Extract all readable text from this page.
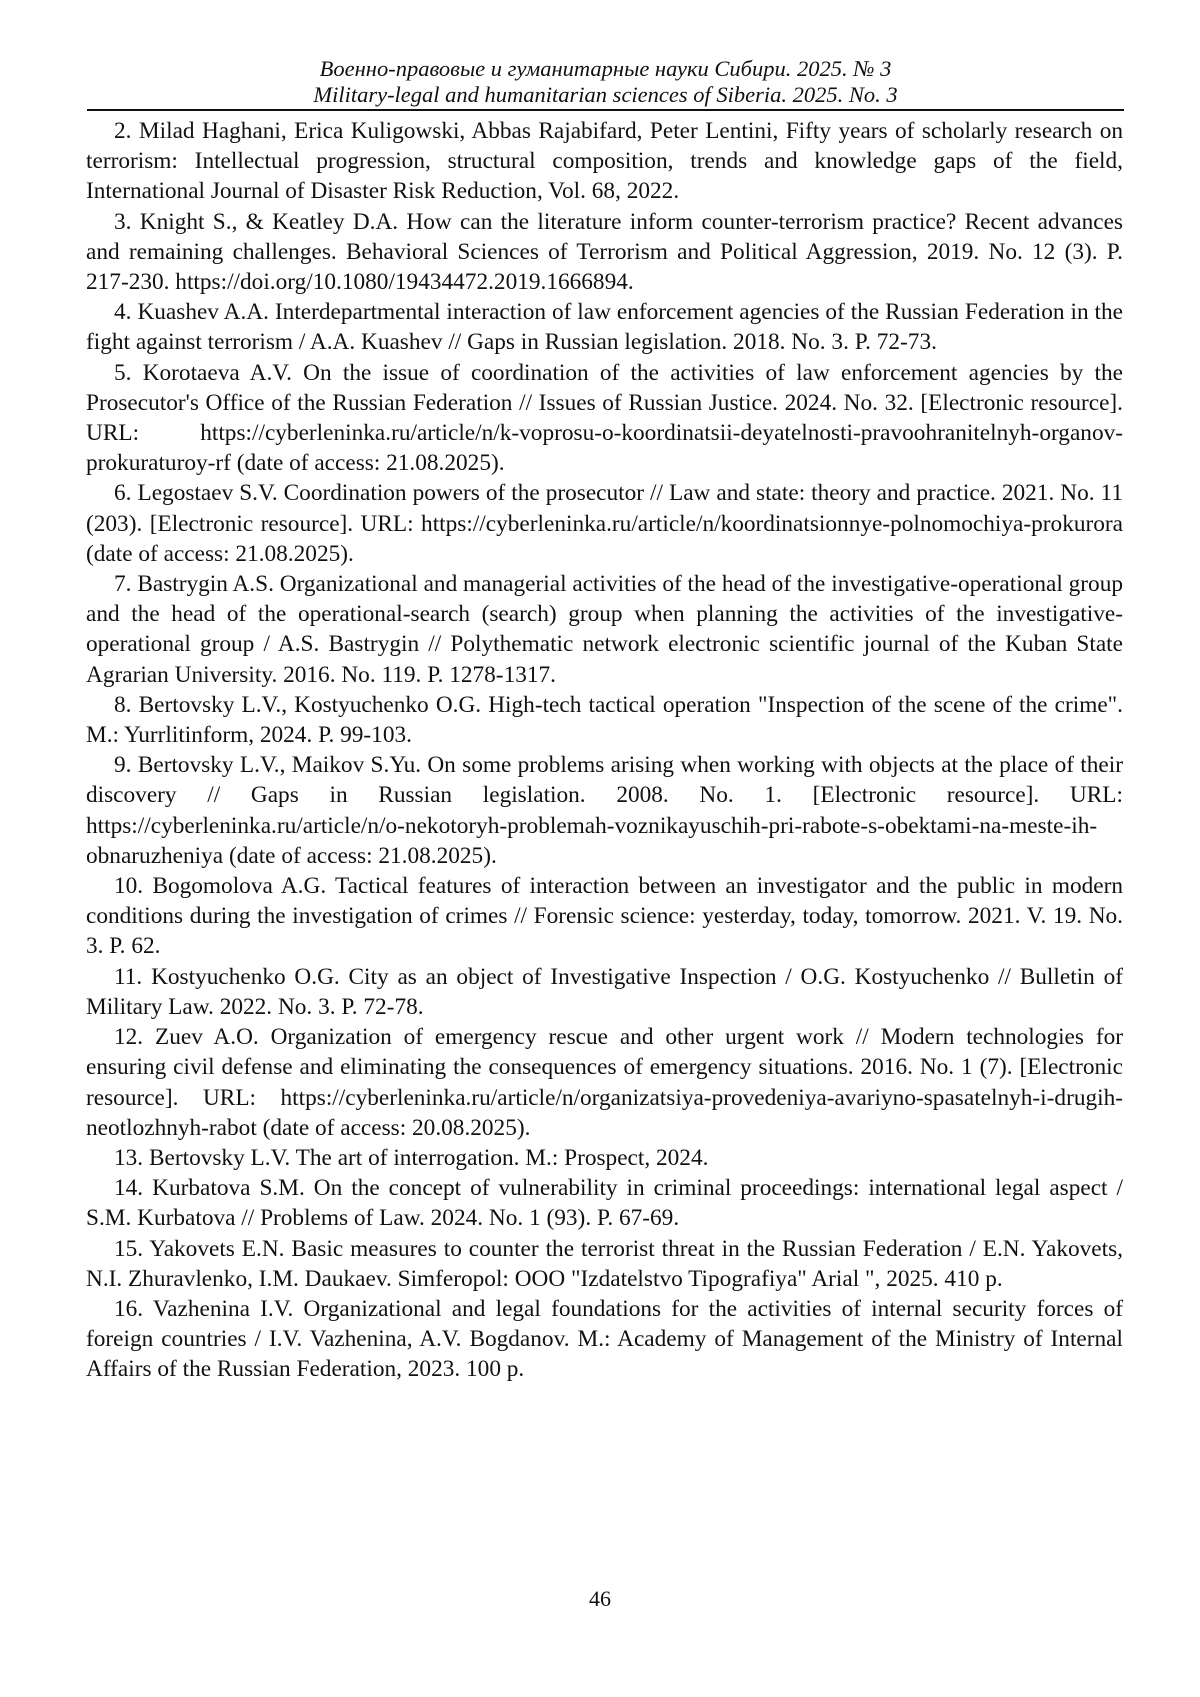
Военно-правовые и гуманитарные науки Сибири. 2025. № 3
Military-legal and humanitarian sciences of Siberia. 2025. No. 3
2. Milad Haghani, Erica Kuligowski, Abbas Rajabifard, Peter Lentini, Fifty years of scholarly research on terrorism: Intellectual progression, structural composition, trends and knowledge gaps of the field, International Journal of Disaster Risk Reduction, Vol. 68, 2022.
3. Knight S., & Keatley D.A. How can the literature inform counter-terrorism practice? Recent advances and remaining challenges. Behavioral Sciences of Terrorism and Political Aggression, 2019. No. 12 (3). P. 217-230. https://doi.org/10.1080/19434472.2019.1666894.
4. Kuashev A.A. Interdepartmental interaction of law enforcement agencies of the Russian Federation in the fight against terrorism / A.A. Kuashev // Gaps in Russian legislation. 2018. No. 3. P. 72-73.
5. Korotaeva A.V. On the issue of coordination of the activities of law enforcement agencies by the Prosecutor's Office of the Russian Federation // Issues of Russian Justice. 2024. No. 32. [Electronic resource]. URL: https://cyberleninka.ru/article/n/k-voprosu-o-koordinatsii-deyatelnosti-pravoohranitelnyh-organov-prokuraturoy-rf (date of access: 21.08.2025).
6. Legostaev S.V. Coordination powers of the prosecutor // Law and state: theory and practice. 2021. No. 11 (203). [Electronic resource]. URL: https://cyberleninka.ru/article/n/koordinatsionnye-polnomochiya-prokurora (date of access: 21.08.2025).
7. Bastrygin A.S. Organizational and managerial activities of the head of the investigative-operational group and the head of the operational-search (search) group when planning the activities of the investigative-operational group / A.S. Bastrygin // Polythematic network electronic scientific journal of the Kuban State Agrarian University. 2016. No. 119. P. 1278-1317.
8. Bertovsky L.V., Kostyuchenko O.G. High-tech tactical operation "Inspection of the scene of the crime". M.: Yurrlitinform, 2024. P. 99-103.
9. Bertovsky L.V., Maikov S.Yu. On some problems arising when working with objects at the place of their discovery // Gaps in Russian legislation. 2008. No. 1. [Electronic resource]. URL: https://cyberleninka.ru/article/n/o-nekotoryh-problemah-voznikayuschih-pri-rabote-s-obektami-na-meste-ih-obnaruzheniya (date of access: 21.08.2025).
10. Bogomolova A.G. Tactical features of interaction between an investigator and the public in modern conditions during the investigation of crimes // Forensic science: yesterday, today, tomorrow. 2021. V. 19. No. 3. P. 62.
11. Kostyuchenko O.G. City as an object of Investigative Inspection / O.G. Kostyuchenko // Bulletin of Military Law. 2022. No. 3. P. 72-78.
12. Zuev A.O. Organization of emergency rescue and other urgent work // Modern technologies for ensuring civil defense and eliminating the consequences of emergency situations. 2016. No. 1 (7). [Electronic resource]. URL: https://cyberleninka.ru/article/n/organizatsiya-provedeniya-avariyno-spasatelnyh-i-drugih-neotlozhnyh-rabot (date of access: 20.08.2025).
13. Bertovsky L.V. The art of interrogation. M.: Prospect, 2024.
14. Kurbatova S.M. On the concept of vulnerability in criminal proceedings: international legal aspect / S.M. Kurbatova // Problems of Law. 2024. No. 1 (93). P. 67-69.
15. Yakovets E.N. Basic measures to counter the terrorist threat in the Russian Federation / E.N. Yakovets, N.I. Zhuravlenko, I.M. Daukaev. Simferopol: OOO "Izdatelstvo Tipografiya" Arial ", 2025. 410 p.
16. Vazhenina I.V. Organizational and legal foundations for the activities of internal security forces of foreign countries / I.V. Vazhenina, A.V. Bogdanov. M.: Academy of Management of the Ministry of Internal Affairs of the Russian Federation, 2023. 100 p.
46
